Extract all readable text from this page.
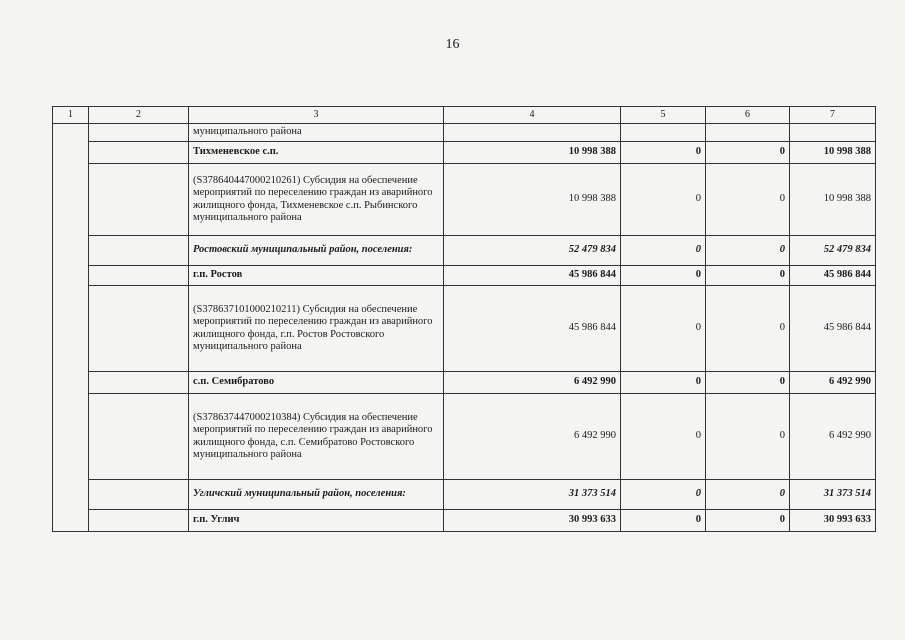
16
1	2	3	4	5	6	7
		муниципального района				
		Тихменевское с.п.	10 998 388	0	0	10 998 388
		(S378640447000210261) Субсидия на обеспечение мероприятий по переселению граждан из аварийного жилищного фонда, Тихменевское с.п. Рыбинского муниципального района	10 998 388	0	0	10 998 388
		Ростовский муниципальный район, поселения:	52 479 834	0	0	52 479 834
		г.п. Ростов	45 986 844	0	0	45 986 844
		(S378637101000210211) Субсидия на обеспечение мероприятий по переселению граждан из аварийного жилищного фонда, г.п. Ростов Ростовского муниципального района	45 986 844	0	0	45 986 844
		с.п. Семибратово	6 492 990	0	0	6 492 990
		(S378637447000210384) Субсидия на обеспечение мероприятий по переселению граждан из аварийного жилищного фонда, с.п. Семибратово Ростовского муниципального района	6 492 990	0	0	6 492 990
		Угличский муниципальный район, поселения:	31 373 514	0	0	31 373 514
		г.п. Углич	30 993 633	0	0	30 993 633
